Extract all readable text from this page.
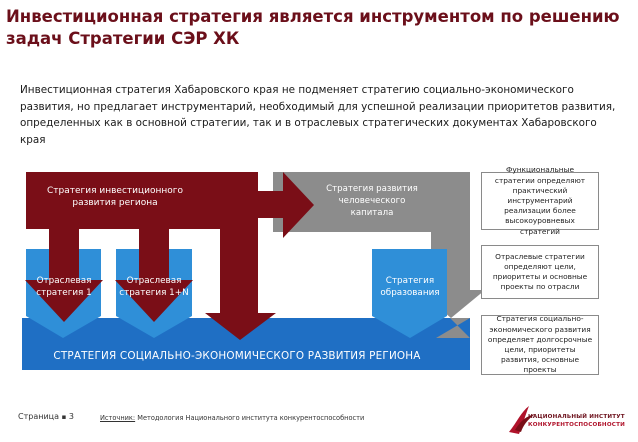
Инвестиционная стратегия является инструментом по решению задач Стратегии СЭР ХК
Инвестиционная стратегия Хабаровского края не подменяет стратегию социально-экономического развития, но предлагает инструментарий, необходимый для успешной реализации приоритетов развития, определенных как в основной стратегии, так и в отраслевых стратегических документах Хабаровского края
Стратегия инвестиционного развития региона
Стратегия развития человеческого капитала
Отраслевая стратегия 1
Отраслевая стратегия 1+N
Стратегия образования
СТРАТЕГИЯ СОЦИАЛЬНО-ЭКОНОМИЧЕСКОГО РАЗВИТИЯ РЕГИОНА
Функциональные стратегии определяют практический инструментарий реализации более высокоуровневых стратегий
Отраслевые стратегии определяют цели, приоритеты и основные проекты по отрасли
Стратегия социально-экономического развития определяет долгосрочные цели, приоритеты развития, основные проекты
Страница ▪ 3	Источник: Методология Национального института конкурентоспособности	НАЦИОНАЛЬНЫЙ ИНСТИТУТ
КОНКУРЕНТОСПОСОБНОСТИ
